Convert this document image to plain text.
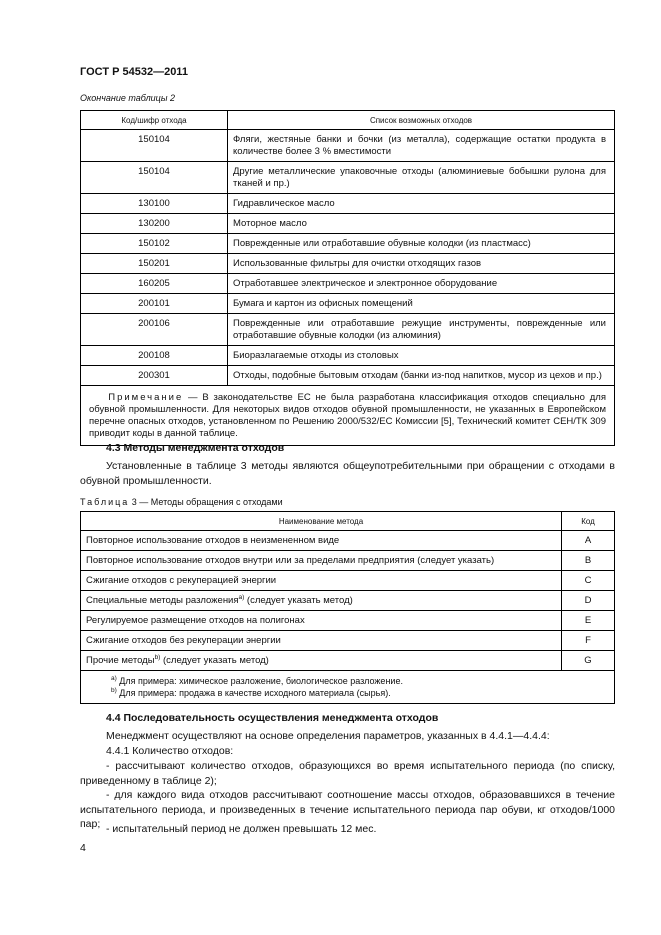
ГОСТ Р 54532—2011
Окончание таблицы 2
Код/шифр отхода	Список возможных отходов
150104	Фляги, жестяные банки и бочки (из металла), содержащие остатки продукта в количестве более 3 % вместимости
150104	Другие металлические упаковочные отходы (алюминиевые бобышки рулона для тканей и пр.)
130100	Гидравлическое масло
130200	Моторное масло
150102	Поврежденные или отработавшие обувные колодки (из пластмасс)
150201	Использованные фильтры для очистки отходящих газов
160205	Отработавшее электрическое и электронное оборудование
200101	Бумага и картон из офисных помещений
200106	Поврежденные или отработавшие режущие инструменты, поврежденные или отработавшие обувные колодки (из алюминия)
200108	Биоразлагаемые отходы из столовых
200301	Отходы, подобные бытовым отходам (банки из-под напитков, мусор из цехов и пр.)
Примечание — В законодательстве ЕС не была разработана классификация отходов специально для обувной промышленности. Для некоторых видов отходов обувной промышленности, не указанных в Европейском перечне опасных отходов, установленном по Решению 2000/532/ЕС Комиссии [5], Технический комитет СЕН/ТК 309 приводит коды в данной таблице.	
4.3 Методы менеджмента отходов
Установленные в таблице 3 методы являются общеупотребительными при обращении с отходами в обувной промышленности.
Таблица 3 — Методы обращения с отходами
Наименование метода	Код
Повторное использование отходов в неизмененном виде	A
Повторное использование отходов внутри или за пределами предприятия (следует указать)	B
Сжигание отходов с рекуперацией энергии	C
Специальные методы разложения$^{a)}$ (следует указать метод)	D
Регулируемое размещение отходов на полигонах	E
Сжигание отходов без рекуперации энергии	F
Прочие методы$^{b)}$ (следует указать метод)	G

$^{a)}$ Для примера: химическое разложение, биологическое разложение.
$^{b)}$ Для примера: продажа в качестве исходного материала (сырья).	
4.4 Последовательность осуществления менеджмента отходов
Менеджмент осуществляют на основе определения параметров, указанных в 4.4.1—4.4.4:
4.4.1 Количество отходов:
- рассчитывают количество отходов, образующихся во время испытательного периода (по списку, приведенному в таблице 2);
- для каждого вида отходов рассчитывают соотношение массы отходов, образовавшихся в течение испытательного периода, и произведенных в течение испытательного периода пар обуви, кг отходов/1000 пар; - испытательный период не должен превышать 12 мес.
4
